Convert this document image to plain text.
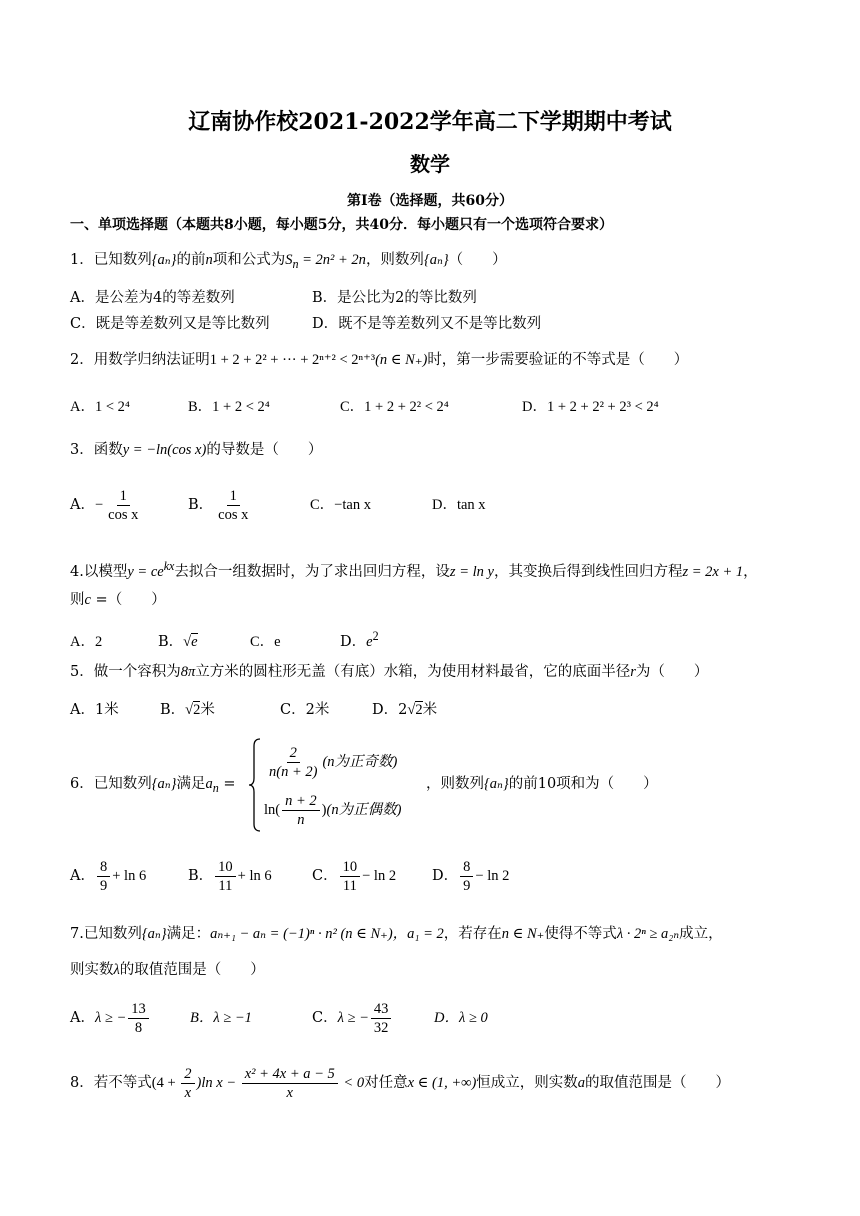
辽南协作校2021-2022学年高二下学期期中考试
数学
第Ⅰ卷（选择题，共60分）
一、单项选择题（本题共8小题，每小题5分，共40分．每小题只有一个选项符合要求）
1．已知数列{aₙ}的前n项和公式为$S_n = 2n^2 + 2n$，则数列{aₙ}（　　）
A．是公差为4的等差数列	B．是公比为2的等比数列
C．既是等差数列又是等比数列	D．既不是等差数列又不是等比数列
2．用数学归纳法证明1 + 2 + 2² + ··· + 2ⁿ⁺² < 2ⁿ⁺³(n ∈ N₊)时，第一步需要验证的不等式是（　　）
A．1 < 2⁴	B．1 + 2 < 2⁴	C．1 + 2 + 2² < 2⁴	D．1 + 2 + 2² + 2³ < 2⁴
3．函数y = −ln(cos x)的导数是（　　）
A．− $\frac{1}{\text{cos x}}$	B． $\frac{1}{\text{cos x}}$	C．−tan x	D．tan x
4.以模型$y = ce^{kx}$去拟合一组数据时，为了求出回归方程，设z = ln y，其变换后得到线性回归方程z = 2x + 1，
则c =（　　）
A．2	B．√e	C．e	D．$e^2$
5．做一个容积为8π立方米的圆柱形无盖（有底）水箱，为使用材料最省，它的底面半径r为（　　）
A．1米	B．√2米	C．2米	D．2√2米
6．已知数列{aₙ}满足$a_n$ =
$\frac{2}{n(n + 2)} (n$为正奇数)
$\ln( \frac{n + 2}{n} )(n$为正偶数)
，则数列{aₙ}的前10项和为（　　）
A． $\frac{8}{9} + \ln 6$	B． $\frac{10}{11} + \ln 6$	C． $\frac{10}{11} - \ln 2$ D． $\frac{8}{9} - \ln 2$
7.已知数列{aₙ}满足：aₙ₊₁ − aₙ = (−1)ⁿ · n² (n ∈ N₊)，a₁ = 2，若存在n ∈ N₊使得不等式λ · 2ⁿ ≥ a₂ₙ成立，
则实数λ的取值范围是（　　）
A．λ ≥ − $\frac{13}{8}$	B．λ ≥ −1	C．λ ≥ − $\frac{43}{32}$	D．λ ≥ 0
8．若不等式$(4 + \frac{2}{x} )\ln$ $x - \frac{\text{x² + 4x + a − 5}}{x} < 0$对任意x ∈ (1, +∞)恒成立，则实数a的取值范围是（　　）
